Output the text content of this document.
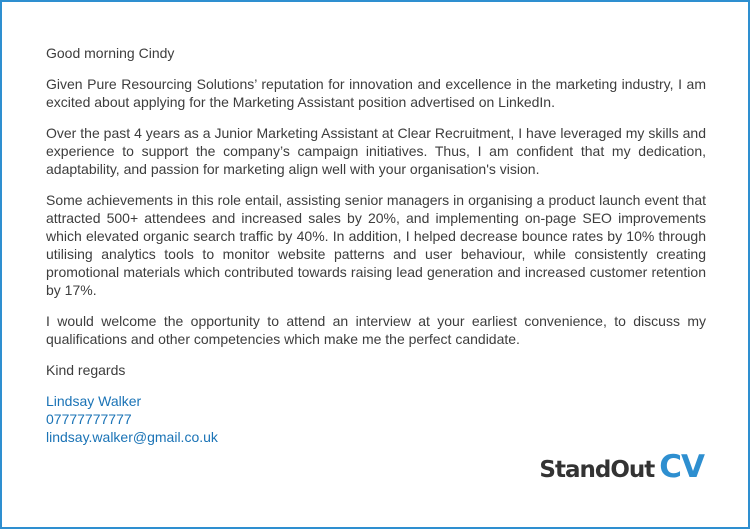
Good morning Cindy

Given Pure Resourcing Solutions’ reputation for innovation and excellence in the marketing industry, I am excited about applying for the Marketing Assistant position advertised on LinkedIn.

Over the past 4 years as a Junior Marketing Assistant at Clear Recruitment, I have leveraged my skills and experience to support the company’s campaign initiatives. Thus, I am confident that my dedication, adaptability, and passion for marketing align well with your organisation's vision.

Some achievements in this role entail, assisting senior managers in organising a product launch event that attracted 500+ attendees and increased sales by 20%, and implementing on-page SEO improvements which elevated organic search traffic by 40%. In addition, I helped decrease bounce rates by 10% through utilising analytics tools to monitor website patterns and user behaviour, while consistently creating promotional materials which contributed towards raising lead generation and increased customer retention by 17%.

I would welcome the opportunity to attend an interview at your earliest convenience, to discuss my qualifications and other competencies which make me the perfect candidate.

Kind regards

Lindsay Walker
07777777777
lindsay.walker@gmail.co.uk
StandOut CV
